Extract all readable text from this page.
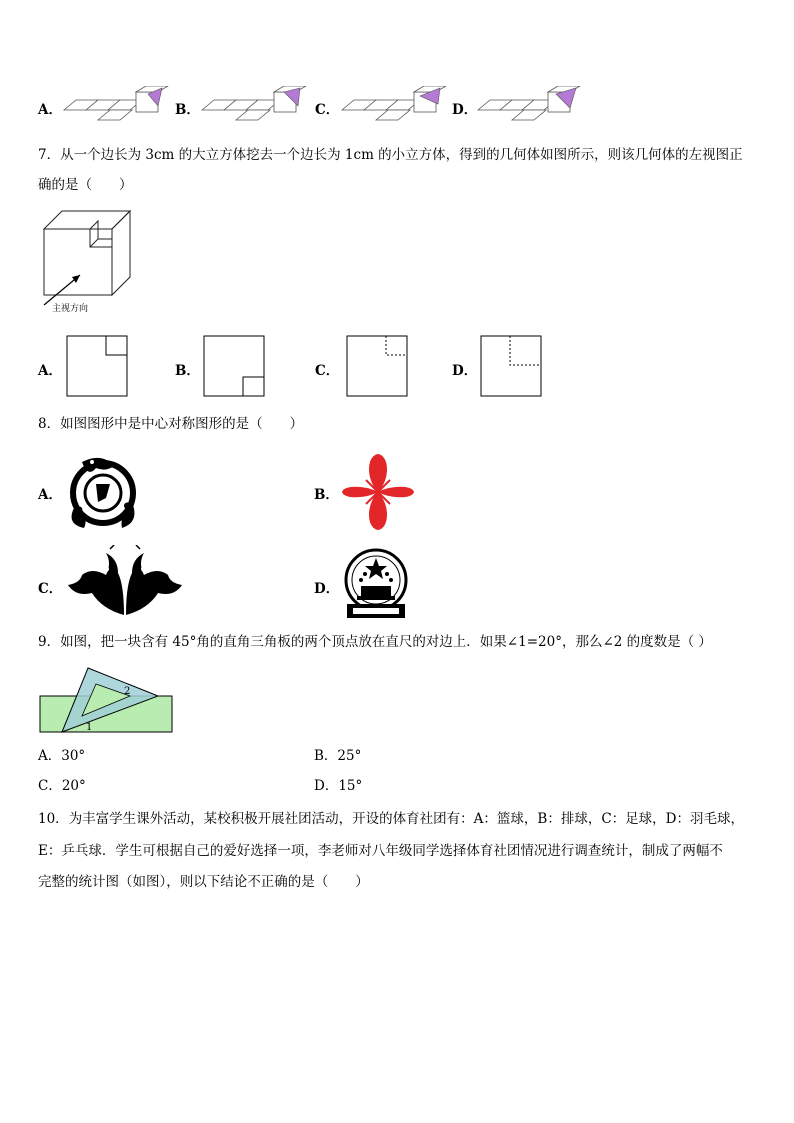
A．	B．	C．	D．
7．从一个边长为 3cm 的大立方体挖去一个边长为 1cm 的小立方体，得到的几何体如图所示，则该几何体的左视图正
确的是（　　）
主视方向
A．	B．	C．	D．
8．如图图形中是中心对称图形的是（　　）
A．	B．
C．	D．
9．如图，把一块含有 45°角的直角三角板的两个顶点放在直尺的对边上．如果∠1=20°，那么∠2 的度数是（ ）
2
1
A．30°	B．25°
C．20°	D．15°
10．为丰富学生课外活动，某校积极开展社团活动，开设的体育社团有：A：篮球，B：排球，C：足球，D：羽毛球，
E：乒乓球．学生可根据自己的爱好选择一项，李老师对八年级同学选择体育社团情况进行调查统计，制成了两幅不
完整的统计图（如图），则以下结论不正确的是（　　）
